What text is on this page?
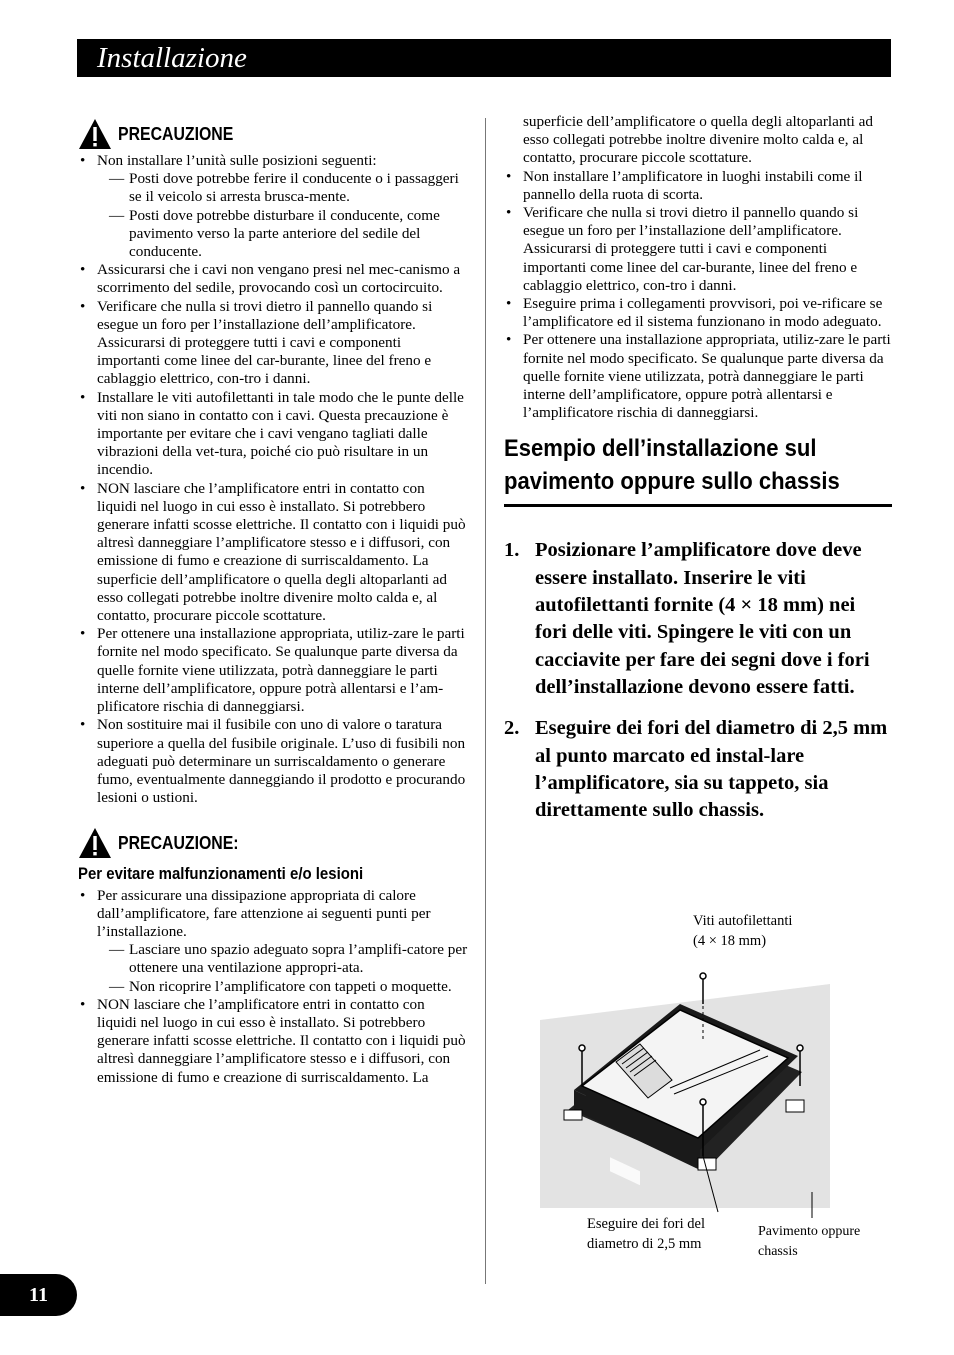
Installazione
PRECAUZIONE
• Non installare l’unità sulle posizioni seguenti:
— Posti dove potrebbe ferire il conducente o i passaggeri se il veicolo si arresta brusca-mente.
— Posti dove potrebbe disturbare il conducente, come pavimento verso la parte anteriore del sedile del conducente.
• Assicurarsi che i cavi non vengano presi nel mec-canismo a scorrimento del sedile, provocando così un cortocircuito.
• Verificare che nulla si trovi dietro il pannello quando si esegue un foro per l’installazione dell’amplificatore. Assicurarsi di proteggere tutti i cavi e componenti importanti come linee del car-burante, linee del freno e cablaggio elettrico, con-tro i danni.
• Installare le viti autofilettanti in tale modo che le punte delle viti non siano in contatto con i cavi. Questa precauzione è importante per evitare che i cavi vengano tagliati dalle vibrazioni della vet-tura, poiché cio può risultare in un incendio.
• NON lasciare che l’amplificatore entri in contatto con liquidi nel luogo in cui esso è installato. Si potrebbero generare infatti scosse elettriche. Il contatto con i liquidi può altresì danneggiare l’amplificatore stesso e i diffusori, con emissione di fumo e creazione di surriscaldamento. La superficie dell’amplificatore o quella degli altoparlanti ad esso collegati potrebbe inoltre divenire molto calda e, al contatto, procurare piccole scottature.
• Per ottenere una installazione appropriata, utiliz-zare le parti fornite nel modo specificato. Se qualunque parte diversa da quelle fornite viene utilizzata, potrà danneggiare le parti interne dell’amplificatore, oppure potrà allentarsi e l’am-plificatore rischia di danneggiarsi.
• Non sostituire mai il fusibile con uno di valore o taratura superiore a quella del fusibile originale. L’uso di fusibili non adeguati può determinare un surriscaldamento o generare fumo, eventualmente danneggiando il prodotto e procurando lesioni o ustioni.
PRECAUZIONE:
Per evitare malfunzionamenti e/o lesioni
• Per assicurare una dissipazione appropriata di calore dall’amplificatore, fare attenzione ai seguenti punti per l’installazione.
— Lasciare uno spazio adeguato sopra l’amplifi-catore per ottenere una ventilazione appropri-ata.
— Non ricoprire l’amplificatore con tappeti o moquette.
• NON lasciare che l’amplificatore entri in contatto con liquidi nel luogo in cui esso è installato. Si potrebbero generare infatti scosse elettriche. Il contatto con i liquidi può altresì danneggiare l’amplificatore stesso e i diffusori, con emissione di fumo e creazione di surriscaldamento. La
superficie dell’amplificatore o quella degli altoparlanti ad esso collegati potrebbe inoltre divenire molto calda e, al contatto, procurare piccole scottature.
• Non installare l’amplificatore in luoghi instabili come il pannello della ruota di scorta.
• Verificare che nulla si trovi dietro il pannello quando si esegue un foro per l’installazione dell’amplificatore. Assicurarsi di proteggere tutti i cavi e componenti importanti come linee del car-burante, linee del freno e cablaggio elettrico, con-tro i danni.
• Eseguire prima i collegamenti provvisori, poi ve-rificare se l’amplificatore ed il sistema funzionano in modo adeguato.
• Per ottenere una installazione appropriata, utiliz-zare le parti fornite nel modo specificato. Se qualunque parte diversa da quelle fornite viene utilizzata, potrà danneggiare le parti interne dell’amplificatore, oppure potrà allentarsi e l’amplificatore rischia di danneggiarsi.
Esempio dell’installazione sul
pavimento oppure sullo chassis
1. Posizionare l’amplificatore dove deve essere installato. Inserire le viti autofilettanti fornite (4 × 18 mm) nei fori delle viti. Spingere le viti con un cacciavite per fare dei segni dove i fori dell’installazione devono essere fatti.
2. Eseguire dei fori del diametro di 2,5 mm al punto marcato ed instal-lare l’amplificatore, sia su tappeto, sia direttamente sullo chassis.
Viti autofilettanti
(4 × 18 mm)
Eseguire dei fori del
diametro di 2,5 mm
Pavimento oppure
chassis
11
